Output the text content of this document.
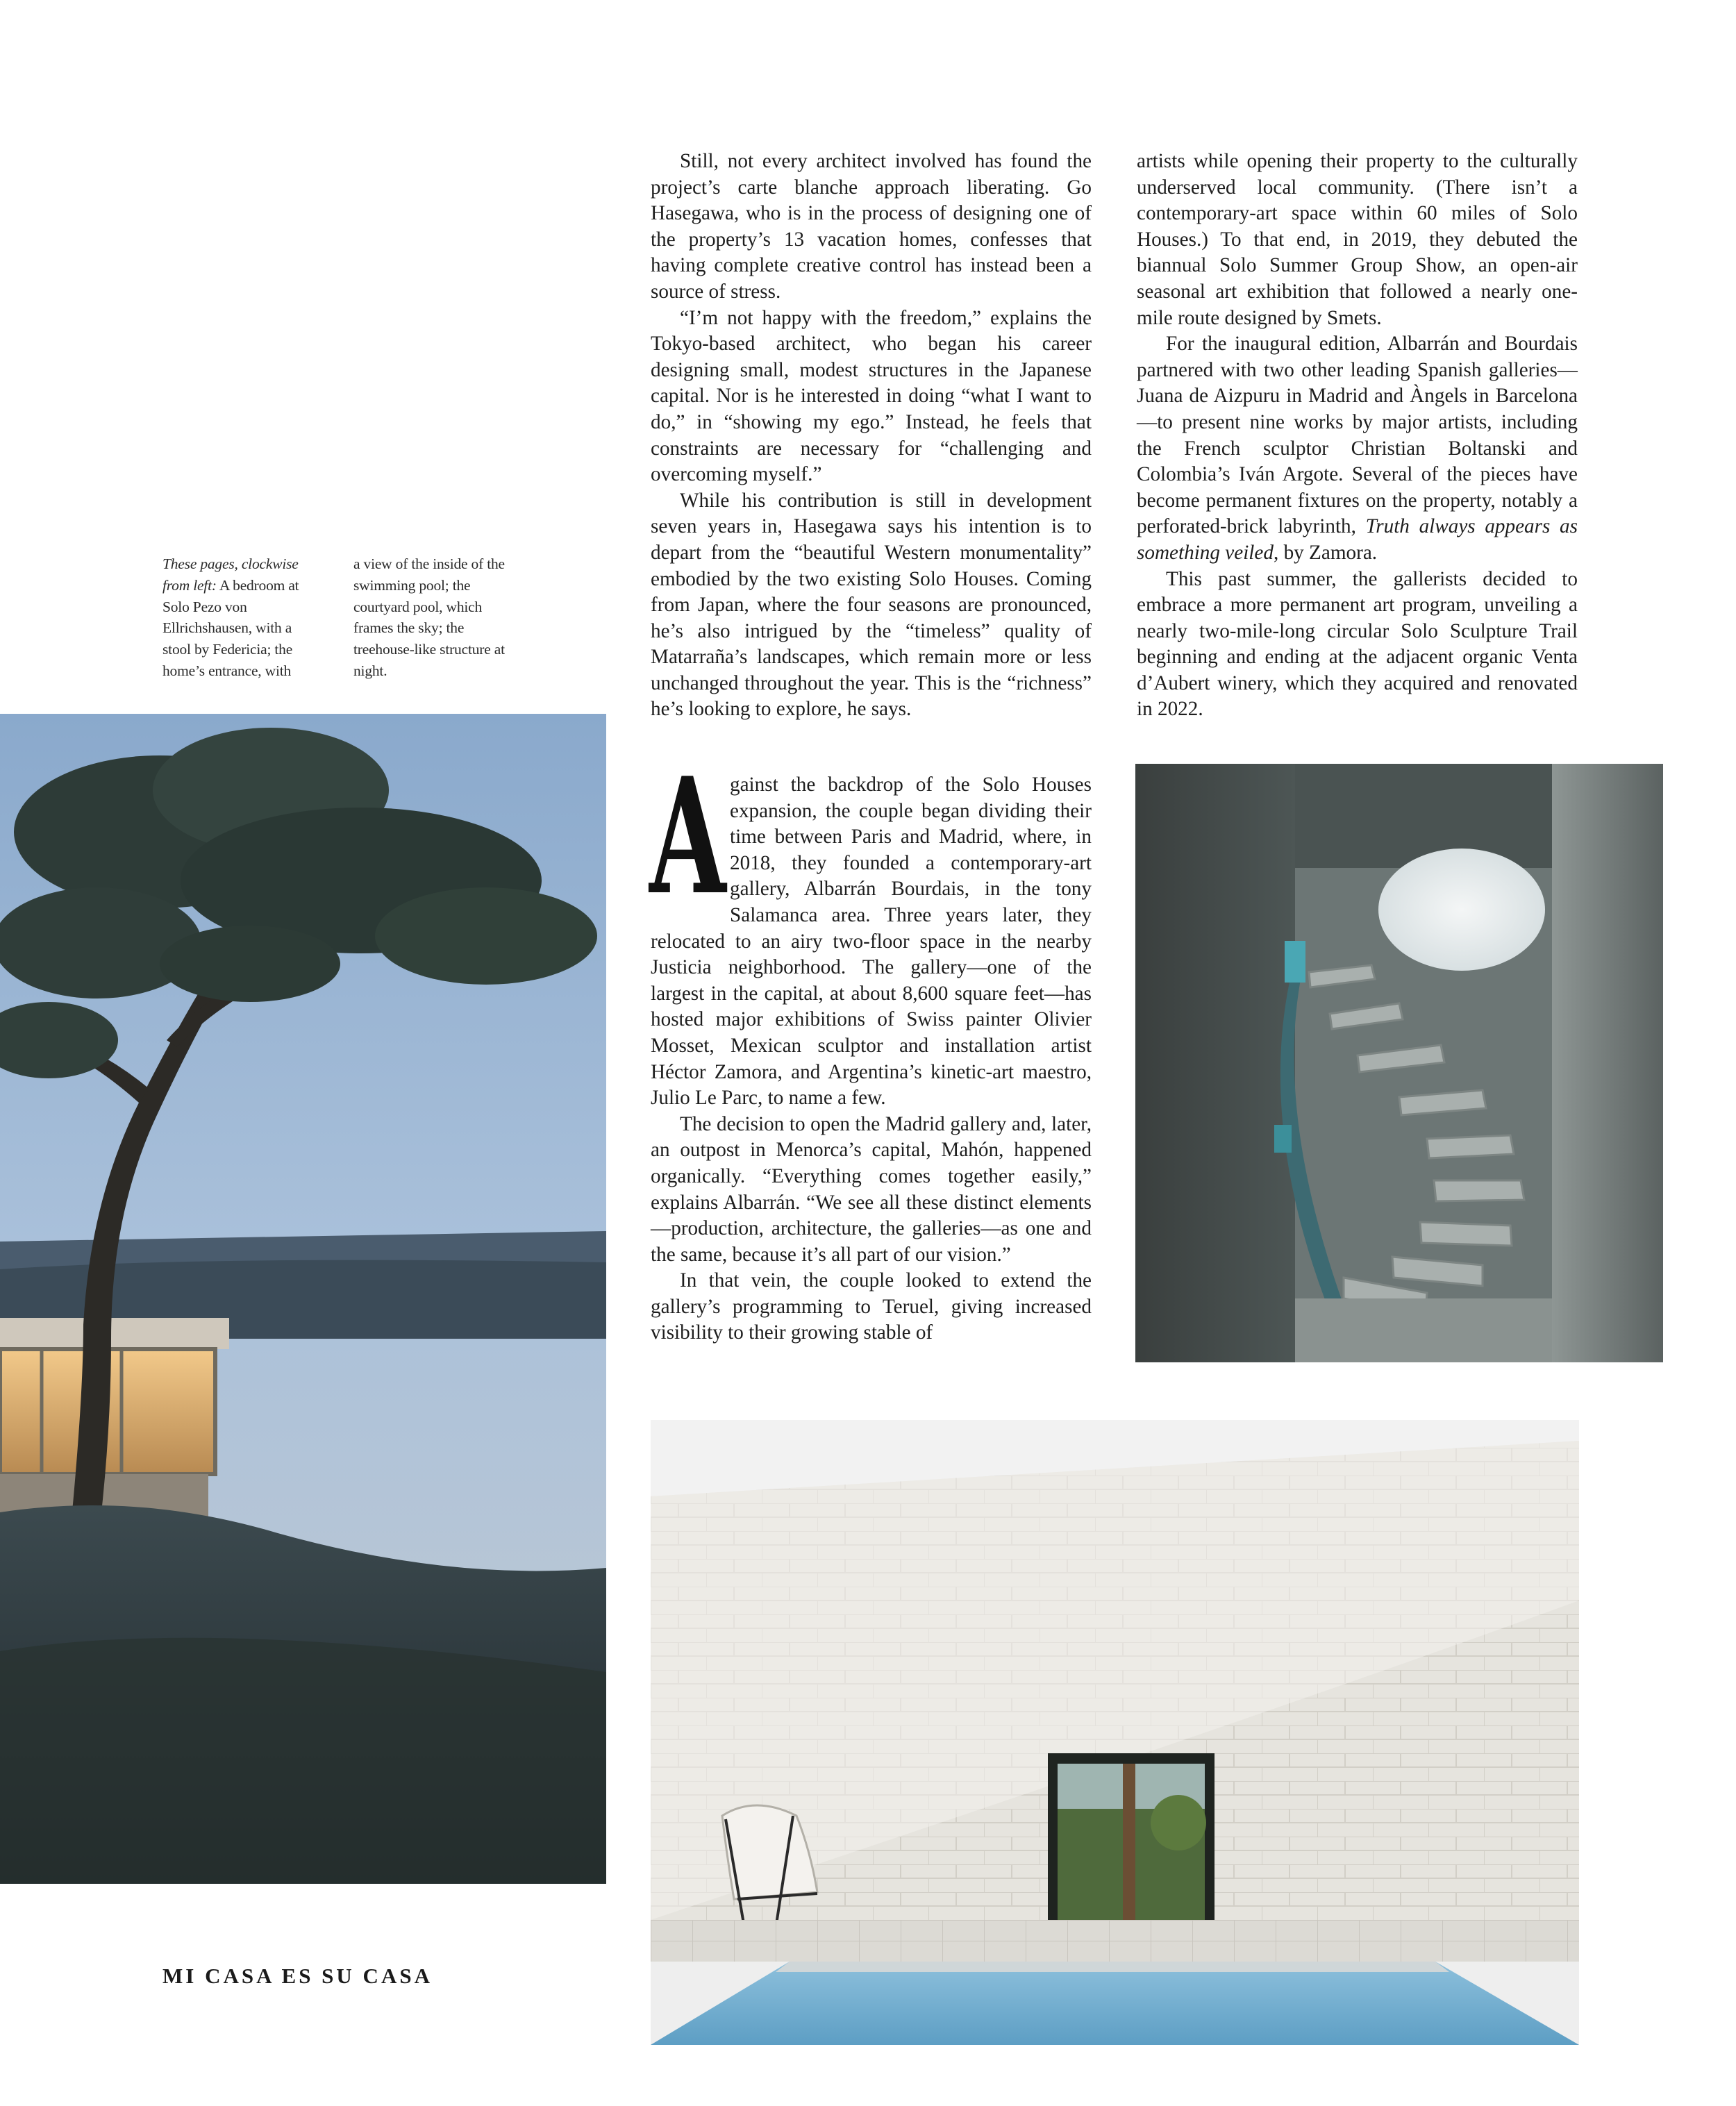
These pages, clockwise from left: A bedroom at Solo Pezo von Ellrichshausen, with a stool by Federicia; the home’s entrance, with
a view of the inside of the swimming pool; the courtyard pool, which frames the sky; the treehouse-like structure at night.

Still, not every architect involved has found the project’s carte blanche approach liberating. Go Hasegawa, who is in the process of designing one of the property’s 13 vacation homes, confesses that having complete creative control has instead been a source of stress.

“I’m not happy with the freedom,” explains the Tokyo-based architect, who began his career designing small, modest structures in the Japanese capital. Nor is he interested in doing “what I want to do,” in “showing my ego.” Instead, he feels that constraints are necessary for “challenging and overcoming myself.”

While his contribution is still in development seven years in, Hasegawa says his intention is to depart from the “beautiful Western monumentality” embodied by the two existing Solo Houses. Coming from Japan, where the four seasons are pronounced, he’s also intrigued by the “timeless” quality of Matarraña’s landscapes, which remain more or less unchanged throughout the year. This is the “richness” he’s looking to explore, he says.

Against the backdrop of the Solo Houses expansion, the couple began dividing their time between Paris and Madrid, where, in 2018, they founded a contemporary-art gallery, Albarrán Bourdais, in the tony Salamanca area. Three years later, they relocated to an airy two-floor space in the nearby Justicia neighborhood. The gallery—one of the largest in the capital, at about 8,600 square feet—has hosted major exhibitions of Swiss painter Olivier Mosset, Mexican sculptor and installation artist Héctor Zamora, and Argentina’s kinetic-art maestro, Julio Le Parc, to name a few.

The decision to open the Madrid gallery and, later, an outpost in Menorca’s capital, Mahón, happened organically. “Everything comes together easily,” explains Albarrán. “We see all these distinct elements—production, architecture, the galleries—as one and the same, because it’s all part of our vision.”

In that vein, the couple looked to extend the gallery’s programming to Teruel, giving increased visibility to their growing stable of

artists while opening their property to the culturally underserved local community. (There isn’t a contemporary-art space within 60 miles of Solo Houses.) To that end, in 2019, they debuted the biannual Solo Summer Group Show, an open-air seasonal art exhibition that followed a nearly one-mile route designed by Smets.

For the inaugural edition, Albarrán and Bourdais partnered with two other leading Spanish galleries—Juana de Aizpuru in Madrid and Àngels in Barcelona—to present nine works by major artists, including the French sculptor Christian Boltanski and Colombia’s Iván Argote. Several of the pieces have become permanent fixtures on the property, notably a perforated-brick labyrinth, Truth always appears as something veiled, by Zamora.

This past summer, the gallerists decided to embrace a more permanent art program, unveiling a nearly two-mile-long circular Solo Sculpture Trail beginning and ending at the adjacent organic Venta d’Aubert winery, which they acquired and renovated in 2022.

MI CASA ES SU CASA
